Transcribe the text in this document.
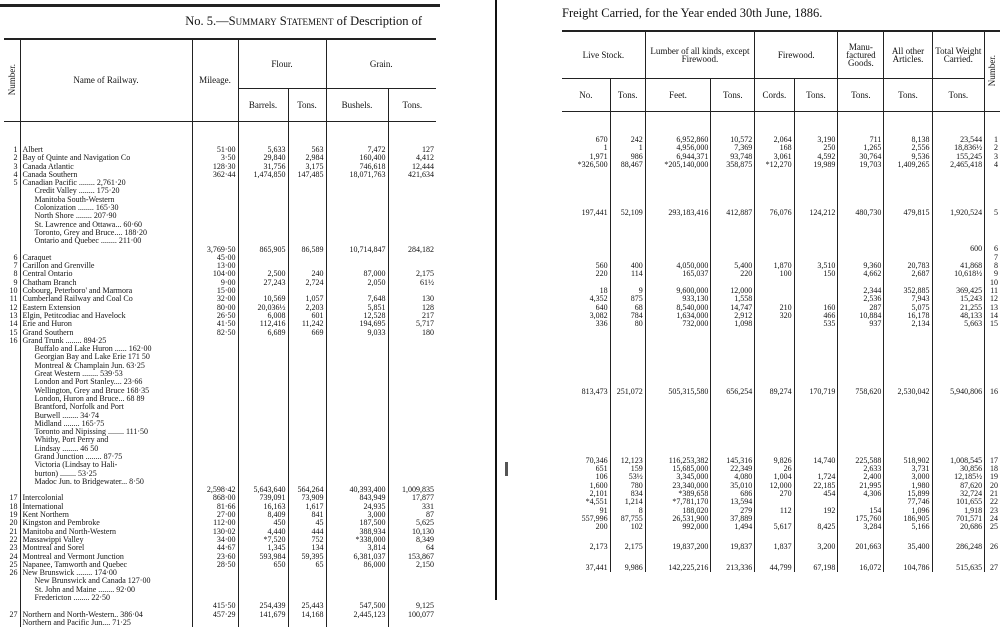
No. 5.—Summary Statement of Description of
Number.	Name of Railway.	Mileage.	Flour.		Grain.	
			Barrels.	Tons.	Bushels.	Tons.

1	Albert	51·00	5,633	563	7,472	127
2	Bay of Quinte and Navigation Co	3·50	29,840	2,984	160,400	4,412
3	Canada Atlantic	128·30	31,756	3,175	746,618	12,444
4	Canada Southern	362·44	1,474,850	147,485	18,071,763	421,634
5	Canadian Pacific ........ 2,761·20					
	Credit Valley ........ 175·20					
	Manitoba South-Western					
	Colonization ........ 165·30					
	North Shore ........ 207·90					
	St. Lawrence and Ottawa... 60·60					
	Toronto, Grey and Bruce.... 188·20					
	Ontario and Quebec ........ 211·00					
		3,769·50	865,905	86,589	10,714,847	284,182
6	Caraquet	45·00				
7	Carillon and Grenville	13·00				
8	Central Ontario	104·00	2,500	240	87,000	2,175
9	Chatham Branch	9·00	27,243	2,724	2,050	61½
10	Cobourg, Peterboro' and Marmora	15·00				
11	Cumberland Railway and Coal Co	32·00	10,569	1,057	7,648	130
12	Eastern Extension	80·00	20,036½	2,203	5,851	128
13	Elgin, Petitcodiac and Havelock	26·50	6,008	601	12,528	217
14	Erie and Huron	41·50	112,416	11,242	194,695	5,717
15	Grand Southern	82·50	6,689	669	9,033	180
16	Grand Trunk ........ 894·25					
	Buffalo and Lake Huron ...... 162·00					
	Georgian Bay and Lake Erie 171 50					
	Montreal & Champlain Jun. 63·25					
	Great Western ........ 539·53					
	London and Port Stanley.... 23·66					
	Wellington, Grey and Bruce 168·35					
	London, Huron and Bruce... 68 89					
	Brantford, Norfolk and Port					
	Burwell ........ 34·74					
	Midland ........ 165·75					
	Toronto and Nipissing ........ 111·50					
	Whitby, Port Perry and					
	Lindsay ........ 46 50					
	Grand Junction ........ 87·75					
	Victoria (Lindsay to Hali-					
	burton) ........ 53·25					
	Madoc Jun. to Bridgewater... 8·50					
		2,598·42	5,643,640	564,264	40,393,400	1,009,835
17	Intercolonial	868·00	739,091	73,909	843,949	17,877
18	International	81·66	16,163	1,617	24,935	331
19	Kent Northern	27·00	8,409	841	3,000	87
20	Kingston and Pembroke	112·00	450	45	187,500	5,625
21	Manitoba and North-Western	130·02	4,440	444	388,934	10,130
22	Massawippi Valley	34·00	*7,520	752	*338,000	8,349
23	Montreal and Sorel	44·67	1,345	134	3,814	64
24	Montreal and Vermont Junction	23·60	593,984	59,395	6,381,037	153,867
25	Napanee, Tamworth and Quebec	28·50	650	65	86,000	2,150
26	New Brunswick ........ 174·00					
	New Brunswick and Canada 127·00					
	St. John and Maine ........ 92·00					
	Fredericton ........ 22·50					
		415·50	254,439	25,443	547,500	9,125
27	Northern and North-Western.. 386·04	457·29	141,679	14,168	2,445,123	100,077
	Northern and Pacific Jun.... 71·25					
Freight Carried, for the Year ended 30th June, 1886.
Live Stock.		Lumber of all kinds, except Firewood.		Firewood.		Manu-factured Goods.	All other Articles.	Total Weight Carried.	Number.
No.	Tons.	Feet.	Tons.	Cords.	Tons.	Tons.	Tons.	Tons.	

670	242	6,952,860	10,572	2,064	3,190	711	8,138	23,544	1
1	1	4,956,000	7,369	168	250	1,265	2,556	18,836½	2
1,971	986	6,944,371	93,748	3,061	4,592	30,764	9,536	155,245	3
*326,500	88,467	*205,140,000	358,875	*12,270	19,989	19,703	1,409,265	2,465,418	4

197,441	52,109	293,183,416	412,887	76,076	124,212	480,730	479,815	1,920,524	5

								600	6
									7
560	400	4,050,000	5,400	1,870	3,510	9,360	20,783	41,868	8
220	114	165,037	220	100	150	4,662	2,687	10,618½	9
									10
18	9	9,600,000	12,000			2,344	352,885	369,425	11
4,352	875	933,130	1,558			2,536	7,943	15,243	12
640	68	8,540,000	14,747	210	160	287	5,075	21,255	13
3,082	784	1,634,000	2,912	320	466	10,884	16,178	48,133	14
336	80	732,000	1,098		535	937	2,134	5,663	15

813,473	251,072	505,315,580	656,254	89,274	170,719	758,620	2,530,042	5,940,806	16

70,346	12,123	116,253,382	145,316	9,826	14,740	225,588	518,902	1,008,545	17
651	159	15,685,000	22,349	26		2,633	3,731	30,856	18
106	53½	3,345,000	4,080	1,004	1,724	2,400	3,000	12,185½	19
1,600	780	23,340,000	35,010	12,000	22,185	21,995	1,980	87,620	20
2,101	834	*389,658	686	270	454	4,306	15,899	32,724	21
*4,551	1,214	*7,781,170	13,594				77,746	101,655	22
91	8	188,020	279	112	192	154	1,096	1,918	23
557,996	87,755	26,531,900	37,889			175,760	186,905	701,571	24
200	102	992,000	1,494	5,617	8,425	3,284	5,166	20,686	25

2,173	2,175	19,837,200	19,837	1,837	3,200	201,663	35,400	286,248	26

37,441	9,986	142,225,216	213,336	44,799	67,198	16,072	104,786	515,635	27
